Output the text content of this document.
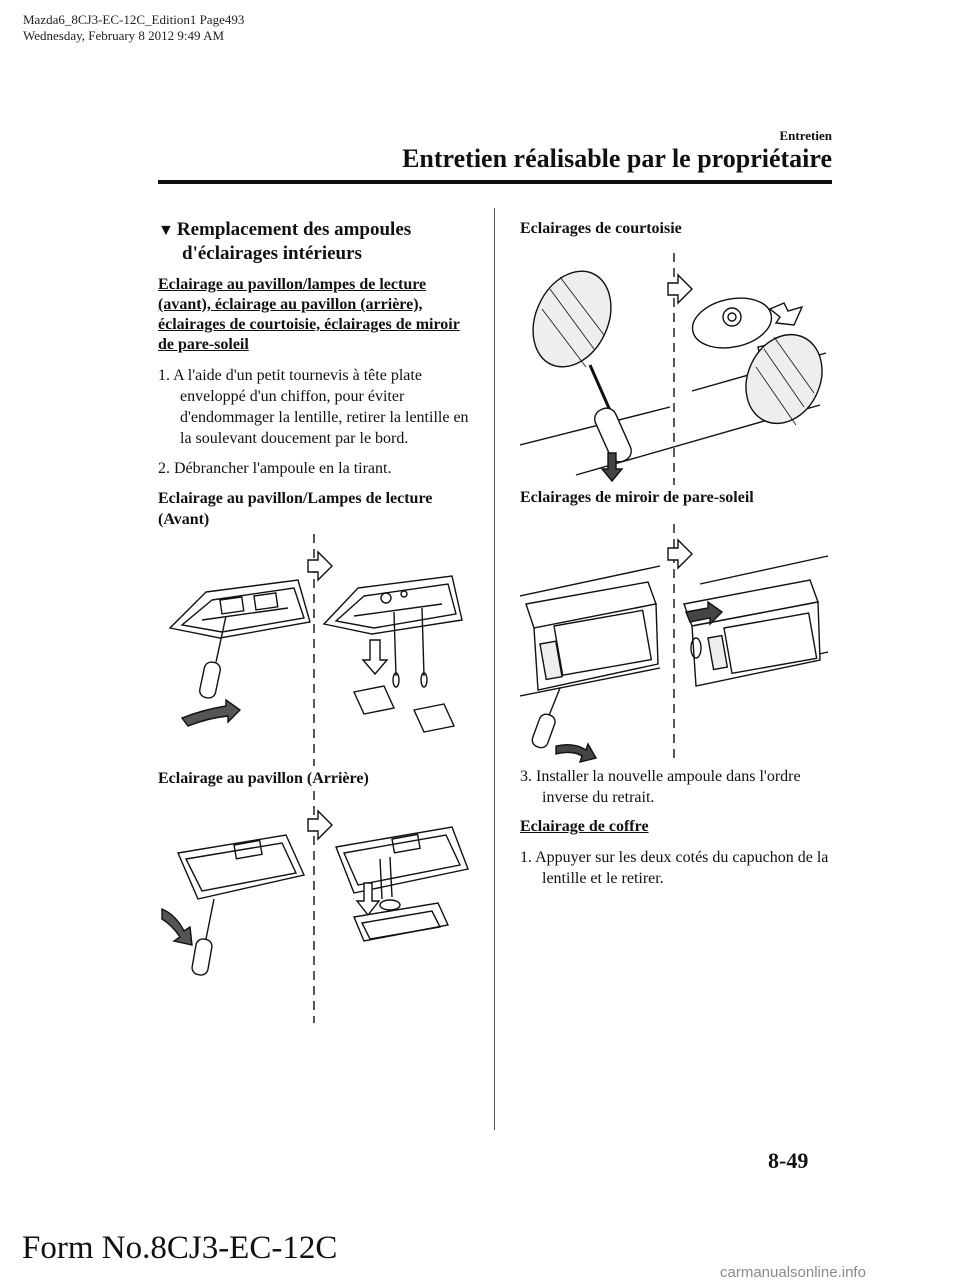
Mazda6_8CJ3-EC-12C_Edition1 Page493
Wednesday, February 8 2012 9:49 AM
Entretien
Entretien réalisable par le propriétaire
▼ Remplacement des ampoules
d'éclairages intérieurs

Eclairage au pavillon/lampes de lecture (avant), éclairage au pavillon (arrière), éclairages de courtoisie, éclairages de miroir de pare-soleil

1. A l'aide d'un petit tournevis à tête plate enveloppé d'un chiffon, pour éviter d'endommager la lentille, retirer la lentille en la soulevant doucement par le bord.

2. Débrancher l'ampoule en la tirant.

Eclairage au pavillon/Lampes de lecture (Avant)

Eclairage au pavillon (Arrière)

Eclairages de courtoisie

Eclairages de miroir de pare-soleil

3. Installer la nouvelle ampoule dans l'ordre inverse du retrait.

Eclairage de coffre

1. Appuyer sur les deux cotés du capuchon de la lentille et le retirer.

8-49
Form No.8CJ3-EC-12C
carmanualsonline.info
